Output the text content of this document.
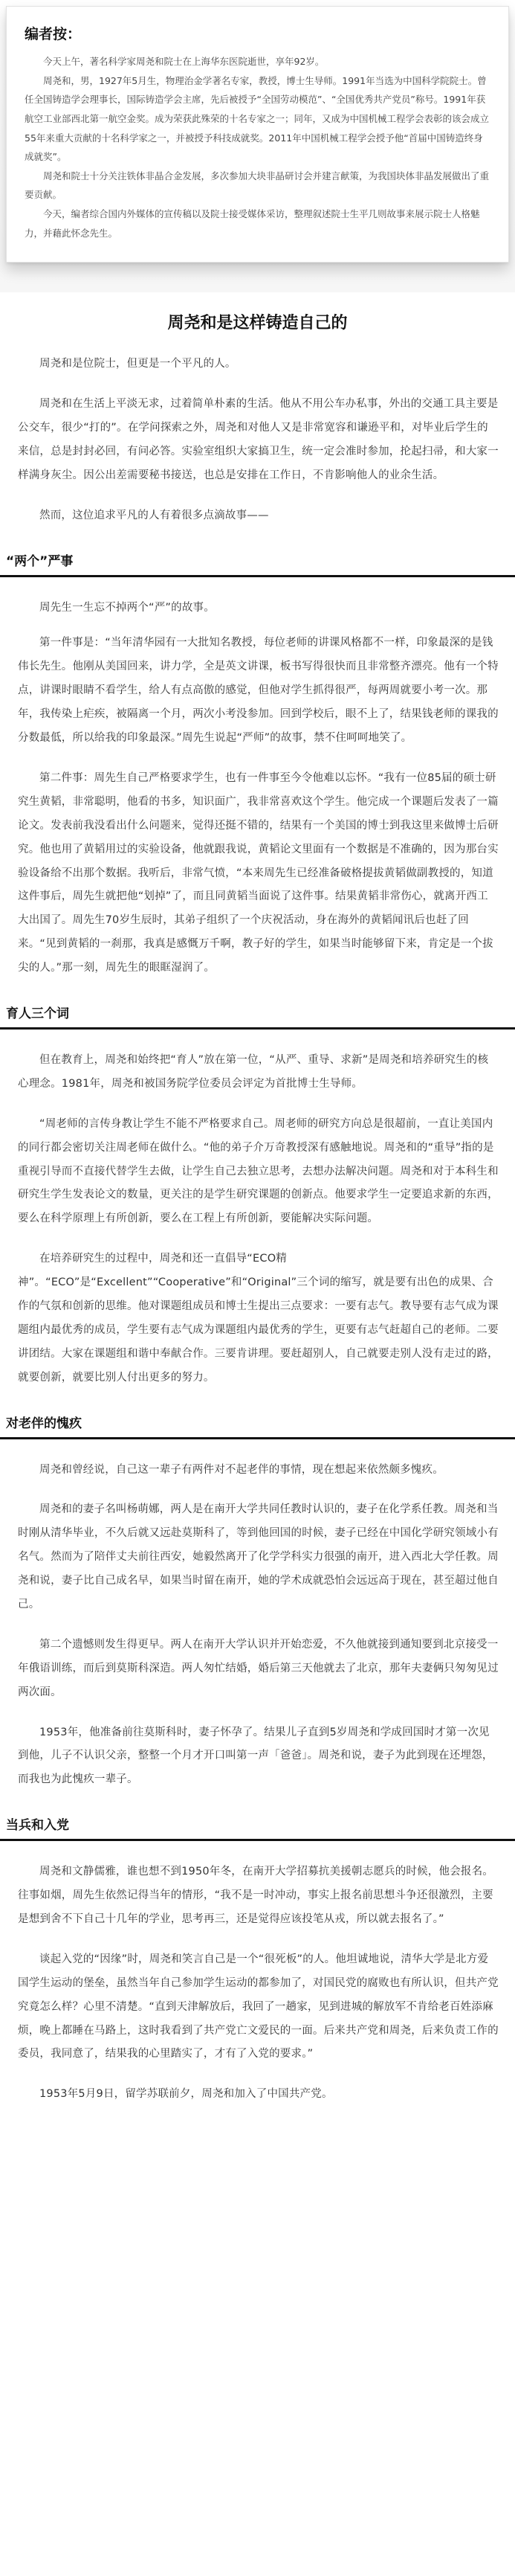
编者按：

今天上午，著名科学家周尧和院士在上海华东医院逝世，享年92岁。

周尧和，男，1927年5月生，物理治金学著名专家，教授，博士生导师。1991年当选为中国科学院院士。曾任全国铸造学会理事长，国际铸造学会主席，先后被授予“全国劳动模范”、“全国优秀共产党员”称号。1991年获航空工业部西北第一航空金奖。成为荣获此殊荣的十名专家之一；同年，又成为中国机械工程学会表彰的该会成立55年来重大贡献的十名科学家之一，并被授予科技成就奖。2011年中国机械工程学会授予他“首届中国铸造终身成就奖”。

周尧和院士十分关注铁体非晶合金发展，多次参加大块非晶研讨会并建言献策，为我国块体非晶发展做出了重要贡献。

今天，编者综合国内外媒体的宣传稿以及院士接受媒体采访，整理叙述院士生平几则故事来展示院士人格魅力，并藉此怀念先生。

周尧和是这样铸造自己的

周尧和是位院士，但更是一个平凡的人。

周尧和在生活上平淡无求，过着简单朴素的生活。他从不用公车办私事，外出的交通工具主要是公交车，很少“打的”。在学问探索之外，周尧和对他人又是非常宽容和谦逊平和，对毕业后学生的来信，总是封封必回，有问必答。实验室组织大家搞卫生，统一定会准时参加，抡起扫帚，和大家一样满身灰尘。因公出差需要秘书接送，也总是安排在工作日，不肯影响他人的业余生活。

然而，这位追求平凡的人有着很多点滴故事——

“两个”严事

周先生一生忘不掉两个“严”的故事。

第一件事是：“当年清华园有一大批知名教授，每位老师的讲课风格都不一样，印象最深的是钱伟长先生。他刚从美国回来，讲力学，全是英文讲课，板书写得很快而且非常整齐漂亮。他有一个特点，讲课时眼睛不看学生，给人有点高傲的感觉，但他对学生抓得很严，每两周就要小考一次。那年，我传染上疟疾，被隔离一个月，两次小考没参加。回到学校后，眼不上了，结果钱老师的课我的分数最低，所以给我的印象最深。”周先生说起“严师”的故事，禁不住呵呵地笑了。

第二件事：周先生自己严格要求学生，也有一件事至今令他难以忘怀。“我有一位85届的硕士研究生黄韬，非常聪明，他看的书多，知识面广，我非常喜欢这个学生。他完成一个课题后发表了一篇论文。发表前我没看出什么问题来，觉得还挺不错的，结果有一个美国的博士到我这里来做博士后研究。他也用了黄韬用过的实验设备，他就跟我说，黄韬论文里面有一个数据是不准确的，因为那台实验设备给不出那个数据。我听后，非常气愤，“本来周先生已经准备破格提拔黄韬做副教授的，知道这件事后，周先生就把他“划掉”了，而且同黄韬当面说了这件事。结果黄韬非常伤心，就离开西工大出国了。周先生70岁生辰时，其弟子组织了一个庆祝活动，身在海外的黄韬闻讯后也赶了回来。“见到黄韬的一刹那，我真是感慨万千啊，教子好的学生，如果当时能够留下来，肯定是一个拔尖的人。”那一刻，周先生的眼眶湿润了。

育人三个词

但在教育上，周尧和始终把“育人”放在第一位，“从严、重导、求新”是周尧和培养研究生的核心理念。1981年，周尧和被国务院学位委员会评定为首批博士生导师。

“周老师的言传身教让学生不能不严格要求自己。周老师的研究方向总是很超前，一直让美国内的同行都会密切关注周老师在做什么。“他的弟子介万奇教授深有感触地说。周尧和的“重导”指的是重视引导而不直接代替学生去做，让学生自己去独立思考，去想办法解决问题。周尧和对于本科生和研究生学生发表论文的数量，更关注的是学生研究课题的创新点。他要求学生一定要追求新的东西，要么在科学原理上有所创新，要么在工程上有所创新，要能解决实际问题。

在培养研究生的过程中，周尧和还一直倡导“ECO精神”。“ECO”是“Excellent”“Cooperative”和“Original”三个词的缩写，就是要有出色的成果、合作的气氛和创新的思维。他对课题组成员和博士生提出三点要求：一要有志气。教导要有志气成为课题组内最优秀的成员，学生要有志气成为课题组内最优秀的学生，更要有志气赶超自己的老师。二要讲团结。大家在课题组和谐中奉献合作。三要肯讲理。要赶超别人，自己就要走别人没有走过的路，就要创新，就要比别人付出更多的努力。

对老伴的愧疚

周尧和曾经说，自己这一辈子有两件对不起老伴的事情，现在想起来依然颇多愧疚。

周尧和的妻子名叫杨萌娜，两人是在南开大学共同任教时认识的，妻子在化学系任教。周尧和当时刚从清华毕业，不久后就又远赴莫斯科了，等到他回国的时候，妻子已经在中国化学研究领域小有名气。然而为了陪伴丈夫前往西安，她毅然离开了化学学科实力很强的南开，进入西北大学任教。周尧和说，妻子比自己成名早，如果当时留在南开，她的学术成就恐怕会远远高于现在，甚至超过他自己。

第二个遗憾则发生得更早。两人在南开大学认识并开始恋爱，不久他就接到通知要到北京接受一年俄语训练，而后到莫斯科深造。两人匆忙结婚，婚后第三天他就去了北京，那年夫妻俩只匆匆见过两次面。

1953年，他准备前往莫斯科时，妻子怀孕了。结果儿子直到5岁周尧和学成回国时才第一次见到他，儿子不认识父亲，整整一个月才开口叫第一声「爸爸」。周尧和说，妻子为此到现在还埋怨，而我也为此愧疚一辈子。

当兵和入党

周尧和文静儒雅，谁也想不到1950年冬，在南开大学招募抗美援朝志愿兵的时候，他会报名。往事如烟，周先生依然记得当年的情形，“我不是一时冲动，事实上报名前思想斗争还很激烈，主要是想到舍不下自己十几年的学业，思考再三，还是觉得应该投笔从戎，所以就去报名了。”

谈起入党的“因缘”时，周尧和笑言自己是一个“很死板”的人。他坦诚地说，清华大学是北方爱国学生运动的堡垒，虽然当年自己参加学生运动的都参加了，对国民党的腐败也有所认识，但共产党究竟怎么样？心里不清楚。“直到天津解放后，我回了一趟家，见到进城的解放军不肯给老百姓添麻烦，晚上都睡在马路上，这时我看到了共产党亡文爱民的一面。后来共产党和周尧，后来负责工作的委员，我同意了，结果我的心里踏实了，才有了入党的要求。”

1953年5月9日，留学苏联前夕，周尧和加入了中国共产党。
